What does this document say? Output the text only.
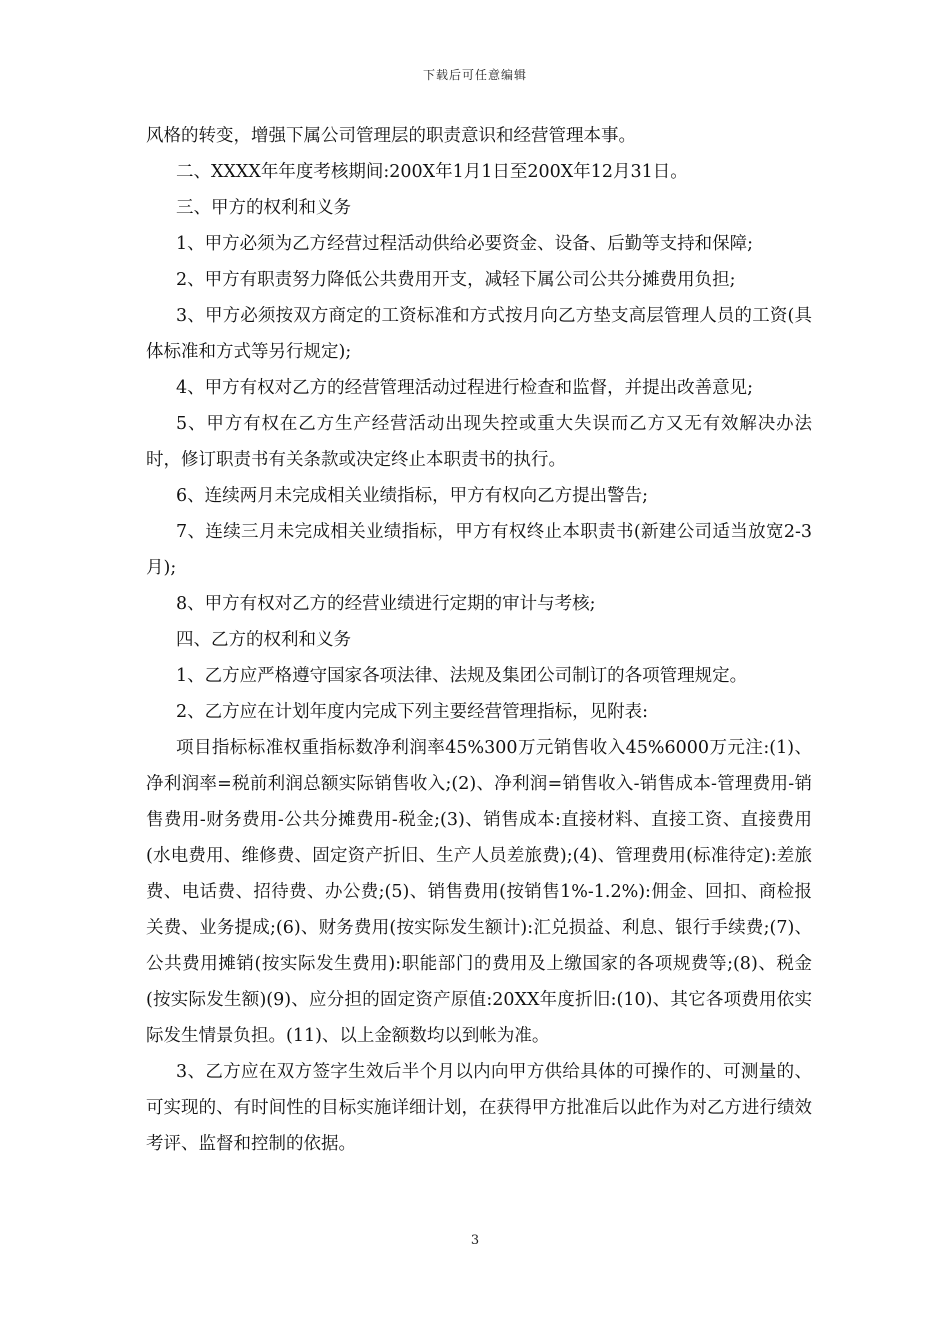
下载后可任意编辑

风格的转变，增强下属公司管理层的职责意识和经营管理本事。

二、XXXX年年度考核期间:200X年1月1日至200X年12月31日。

三、甲方的权利和义务

1、甲方必须为乙方经营过程活动供给必要资金、设备、后勤等支持和保障;

2、甲方有职责努力降低公共费用开支，减轻下属公司公共分摊费用负担;

3、甲方必须按双方商定的工资标准和方式按月向乙方垫支高层管理人员的工资(具体标准和方式等另行规定);

4、甲方有权对乙方的经营管理活动过程进行检查和监督，并提出改善意见;

5、甲方有权在乙方生产经营活动出现失控或重大失误而乙方又无有效解决办法时，修订职责书有关条款或决定终止本职责书的执行。

6、连续两月未完成相关业绩指标，甲方有权向乙方提出警告;

7、连续三月未完成相关业绩指标，甲方有权终止本职责书(新建公司适当放宽2-3月);

8、甲方有权对乙方的经营业绩进行定期的审计与考核;

四、乙方的权利和义务

1、乙方应严格遵守国家各项法律、法规及集团公司制订的各项管理规定。

2、乙方应在计划年度内完成下列主要经营管理指标，见附表:

项目指标标准权重指标数净利润率45%300万元销售收入45%6000万元注:(1)、净利润率=税前利润总额实际销售收入;(2)、净利润=销售收入-销售成本-管理费用-销售费用-财务费用-公共分摊费用-税金;(3)、销售成本:直接材料、直接工资、直接费用(水电费用、维修费、固定资产折旧、生产人员差旅费);(4)、管理费用(标准待定):差旅费、电话费、招待费、办公费;(5)、销售费用(按销售1%-1.2%):佣金、回扣、商检报关费、业务提成;(6)、财务费用(按实际发生额计):汇兑损益、利息、银行手续费;(7)、公共费用摊销(按实际发生费用):职能部门的费用及上缴国家的各项规费等;(8)、税金(按实际发生额)(9)、应分担的固定资产原值:20XX年度折旧:(10)、其它各项费用依实际发生情景负担。(11)、以上金额数均以到帐为准。

3、乙方应在双方签字生效后半个月以内向甲方供给具体的可操作的、可测量的、可实现的、有时间性的目标实施详细计划，在获得甲方批准后以此作为对乙方进行绩效考评、监督和控制的依据。

3
